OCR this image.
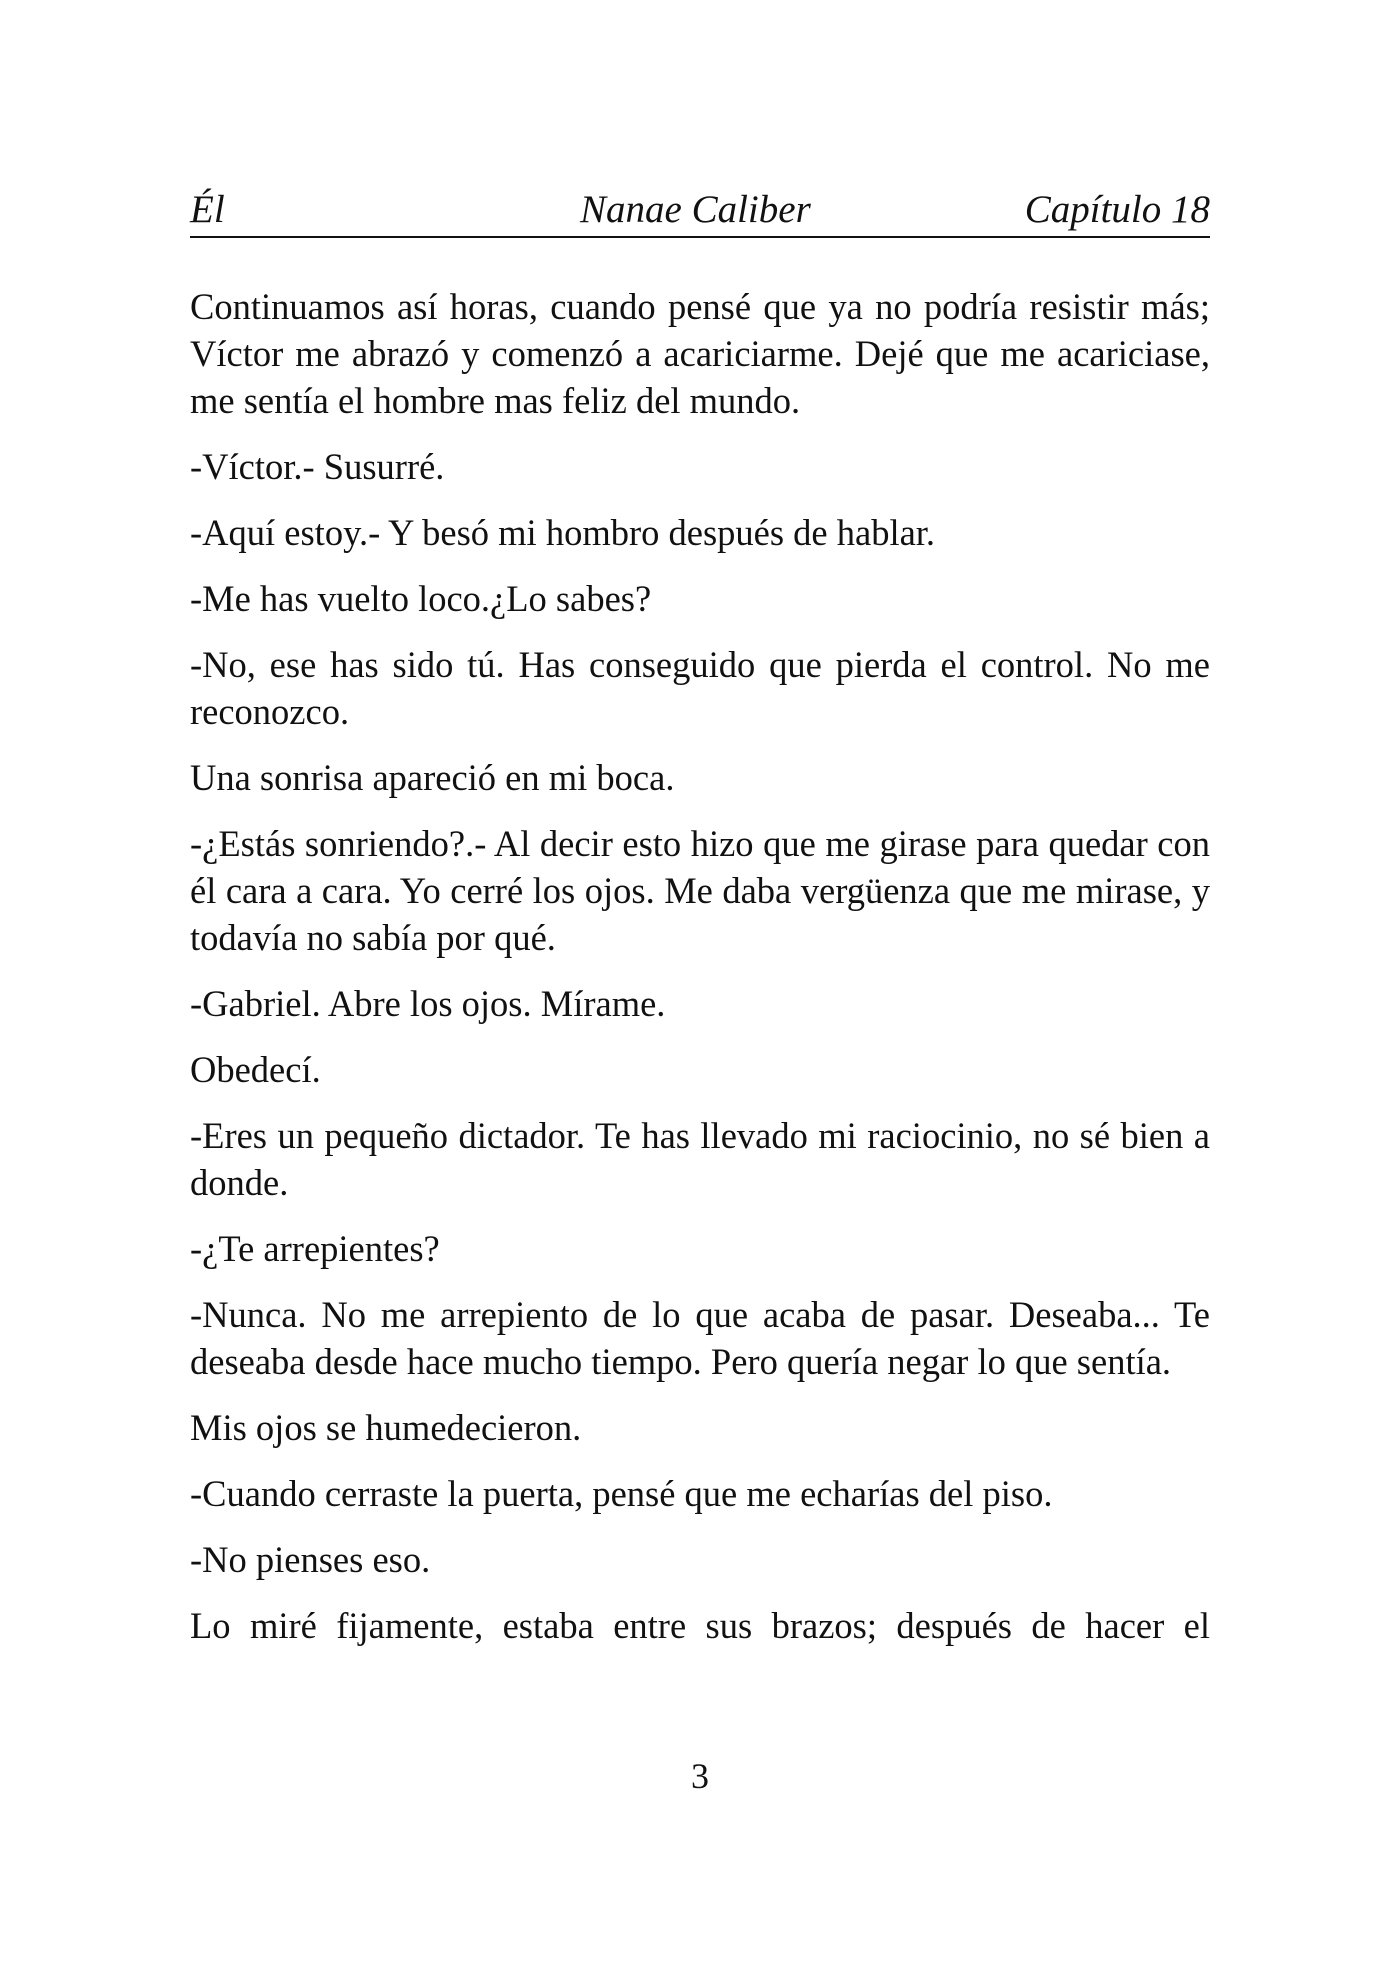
Él	Nanae Caliber	Capítulo 18

Continuamos así horas, cuando pensé que ya no podría resistir más; Víctor me abrazó y comenzó a acariciarme. Dejé que me acariciase, me sentía el hombre mas feliz del mundo.

-Víctor.- Susurré.

-Aquí estoy.- Y besó mi hombro después de hablar.

-Me has vuelto loco.¿Lo sabes?

-No, ese has sido tú. Has conseguido que pierda el control. No me reconozco.

Una sonrisa apareció en mi boca.

-¿Estás sonriendo?.- Al decir esto hizo que me girase para quedar con él cara a cara. Yo cerré los ojos. Me daba vergüenza que me mirase, y todavía no sabía por qué.

-Gabriel. Abre los ojos. Mírame.

Obedecí.

-Eres un pequeño dictador. Te has llevado mi raciocinio, no sé bien a donde.

-¿Te arrepientes?

-Nunca. No me arrepiento de lo que acaba de pasar. Deseaba... Te deseaba desde hace mucho tiempo. Pero quería negar lo que sentía.

Mis ojos se humedecieron.

-Cuando cerraste la puerta, pensé que me echarías del piso.

-No pienses eso.

Lo miré fijamente, estaba entre sus brazos; después de hacer el

3
